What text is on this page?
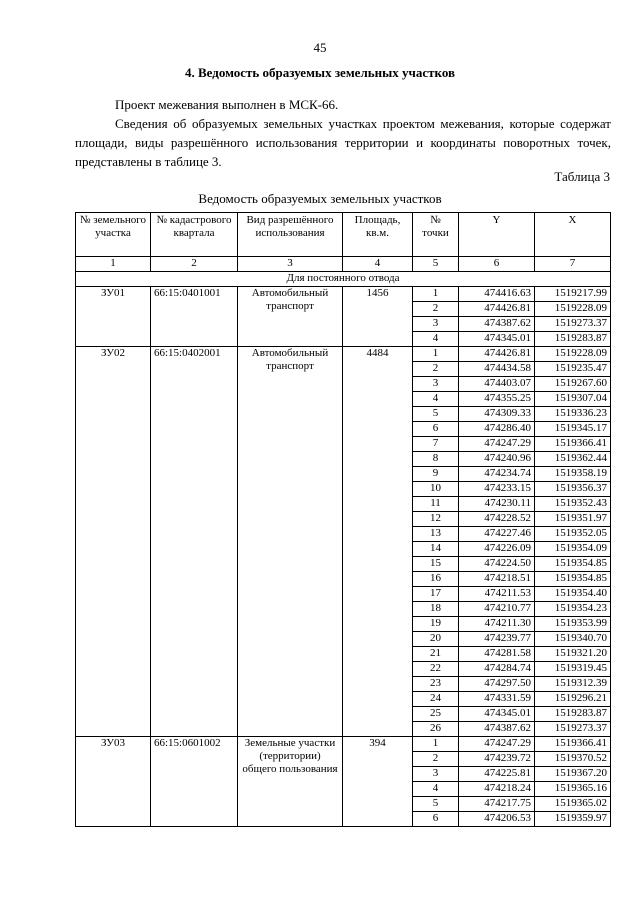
45
4. Ведомость образуемых земельных участков

Проект межевания выполнен в МСК-66.

Сведения об образуемых земельных участках проектом межевания, которые содержат площади, виды разрешённого использования территории и координаты поворотных точек, представлены в таблице 3.

Таблица 3
Ведомость образуемых земельных участков
№ земельного участка	№ кадастрового квартала	Вид разрешённого использования	Площадь, кв.м.	№ точки	Y	X
1	2	3	4	5	6	7
Для постоянного отвода						
ЗУ01	66:15:0401001	Автомобильный транспорт	1456	1	474416.63	1519217.99
				2	474426.81	1519228.09
				3	474387.62	1519273.37
				4	474345.01	1519283.87
ЗУ02	66:15:0402001	Автомобильный транспорт	4484	1	474426.81	1519228.09
				2	474434.58	1519235.47
				3	474403.07	1519267.60
				4	474355.25	1519307.04
				5	474309.33	1519336.23
				6	474286.40	1519345.17
				7	474247.29	1519366.41
				8	474240.96	1519362.44
				9	474234.74	1519358.19
				10	474233.15	1519356.37
				11	474230.11	1519352.43
				12	474228.52	1519351.97
				13	474227.46	1519352.05
				14	474226.09	1519354.09
				15	474224.50	1519354.85
				16	474218.51	1519354.85
				17	474211.53	1519354.40
				18	474210.77	1519354.23
				19	474211.30	1519353.99
				20	474239.77	1519340.70
				21	474281.58	1519321.20
				22	474284.74	1519319.45
				23	474297.50	1519312.39
				24	474331.59	1519296.21
				25	474345.01	1519283.87
				26	474387.62	1519273.37
ЗУ03	66:15:0601002	Земельные участки (территории) общего пользования	394	1	474247.29	1519366.41
				2	474239.72	1519370.52
				3	474225.81	1519367.20
				4	474218.24	1519365.16
				5	474217.75	1519365.02
				6	474206.53	1519359.97
